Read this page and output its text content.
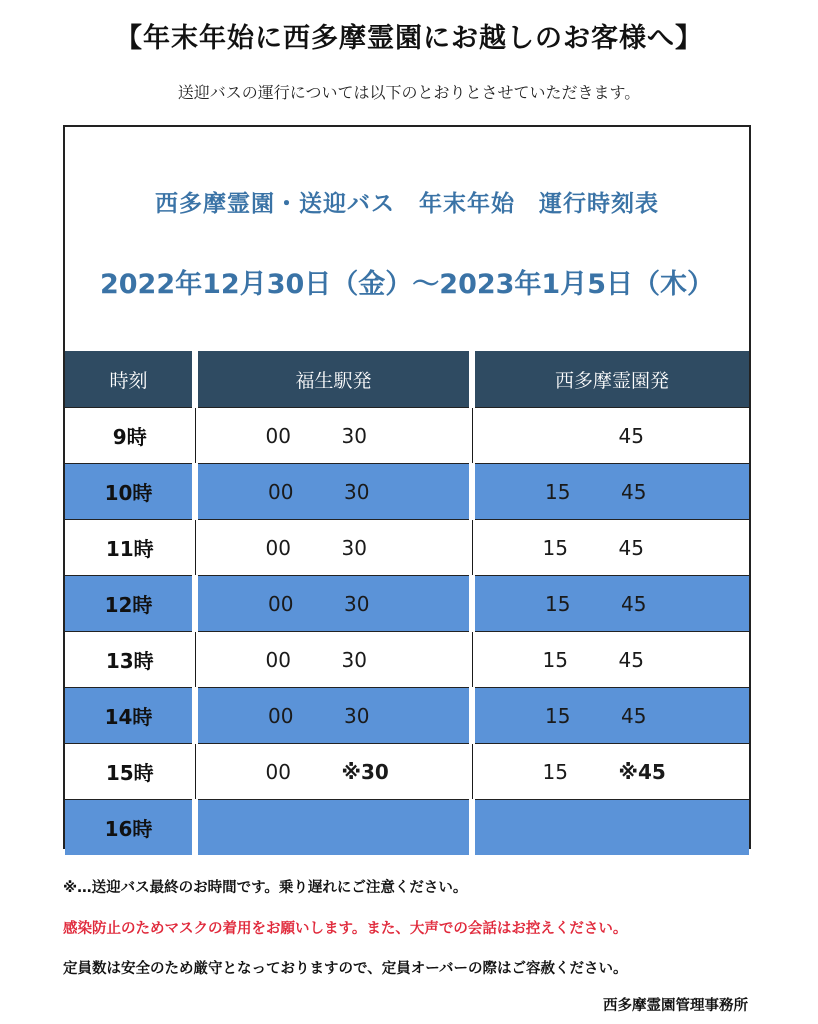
【年末年始に西多摩霊園にお越しのお客様へ】
送迎バスの運行については以下のとおりとさせていただきます。
西多摩霊園・送迎バス　年末年始　運行時刻表
2022年12月30日（金）～2023年1月5日（木）
時刻	福生駅発	西多摩霊園発
9時	00 30	45

10時	00 30	15 45

11時	00 30	15 45

12時	00 30	15 45

13時	00 30	15 45

14時	00 30	15 45

15時	00 ※30	15 ※45

16時	

※…送迎バス最終のお時間です。乗り遅れにご注意ください。
感染防止のためマスクの着用をお願いします。また、大声での会話はお控えください。
定員数は安全のため厳守となっておりますので、定員オーバーの際はご容赦ください。
西多摩霊園管理事務所
